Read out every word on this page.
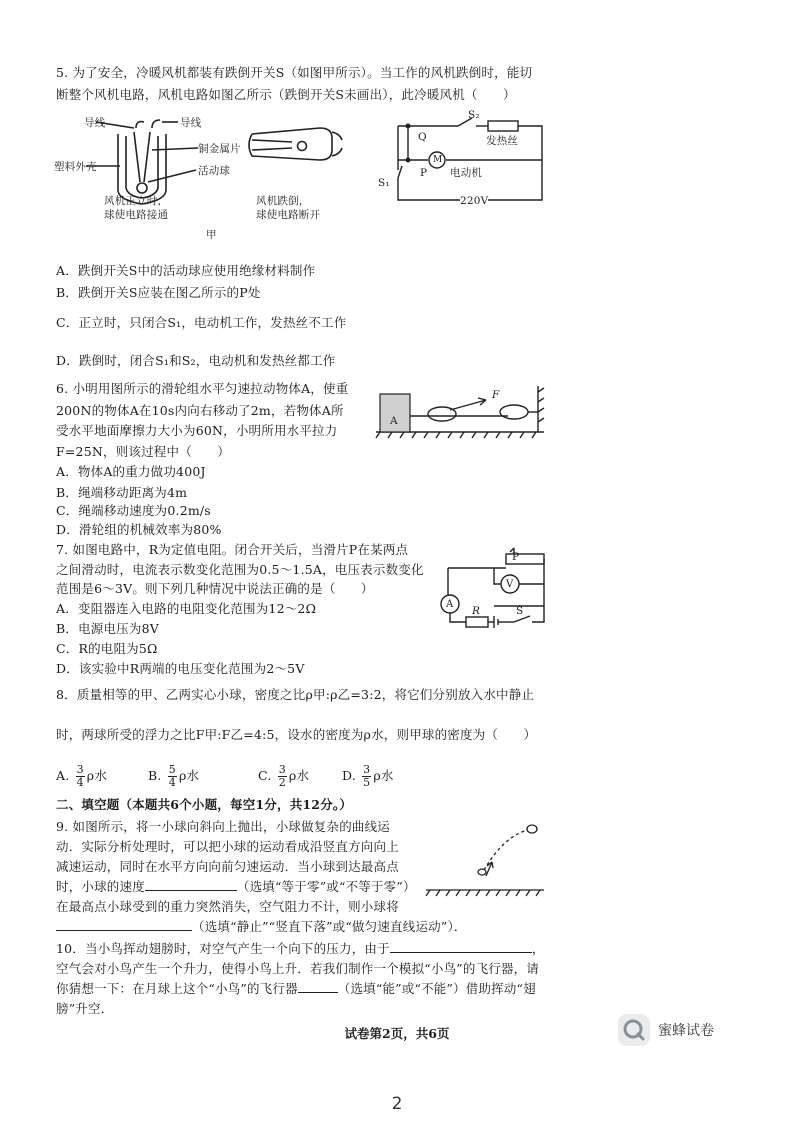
5. 为了安全，冷暖风机都装有跌倒开关S（如图甲所示）。当工作的风机跌倒时，能切
断整个风机电路，风机电路如图乙所示（跌倒开关S未画出），此冷暖风机（　　）
导线	导线
塑料外壳
铜金属片
活动球
风机正立时，
球使电路接通
风机跌倒，
球使电路断开
甲
Q
P
S₂
S₁
发热丝
M
电动机
220V
A．跌倒开关S中的活动球应使用绝缘材料制作
B．跌倒开关S应装在图乙所示的P处
C．正立时，只闭合S₁，电动机工作，发热丝不工作
D．跌倒时，闭合S₁和S₂，电动机和发热丝都工作
6. 小明用图所示的滑轮组水平匀速拉动物体A，使重
200N的物体A在10s内向右移动了2m，若物体A所
受水平地面摩擦力大小为60N，小明所用水平拉力
F=25N，则该过程中（　　）
A．物体A的重力做功400J
B．绳端移动距离为4m
C．绳端移动速度为0.2m/s
D．滑轮组的机械效率为80%
A
F
7. 如图电路中，R为定值电阻。闭合开关后，当滑片P在某两点
之间滑动时，电流表示数变化范围为0.5～1.5A，电压表示数变化
范围是6～3V。则下列几种情况中说法正确的是（　　）
A．变阻器连入电路的电阻变化范围为12～2Ω
B．电源电压为8V
C．R的电阻为5Ω
D．该实验中R两端的电压变化范围为2～5V
P
V
A
R	S
8．质量相等的甲、乙两实心小球，密度之比ρ甲:ρ乙=3:2，将它们分别放入水中静止
时，两球所受的浮力之比F甲:F乙=4:5，设水的密度为ρ水，则甲球的密度为（　　）
A. $\frac{3}{4}$ ρ水	B. $\frac{5}{4}$ ρ水	C. $\frac{3}{2}$ ρ水	D. $\frac{3}{5}$ ρ水
二、填空题（本题共6个小题，每空1分，共12分。）
9. 如图所示，将一小球向斜向上抛出，小球做复杂的曲线运
动．实际分析处理时，可以把小球的运动看成沿竖直方向向上
减速运动，同时在水平方向向前匀速运动．当小球到达最高点
时，小球的速度	（选填“等于零”或“不等于零”）
在最高点小球受到的重力突然消失，空气阻力不计，则小球将
（选填“静止”“竖直下落”或“做匀速直线运动”）．
10．当小鸟挥动翅膀时，对空气产生一个向下的压力，由于	，
空气会对小鸟产生一个升力，使得小鸟上升．若我们制作一个模拟“小鸟”的飞行器，请
你猜想一下：在月球上这个“小鸟”的飞行器	（选填“能”或“不能”）借助挥动“翅
膀”升空．
试卷第2页，共6页	蜜蜂试卷
2
